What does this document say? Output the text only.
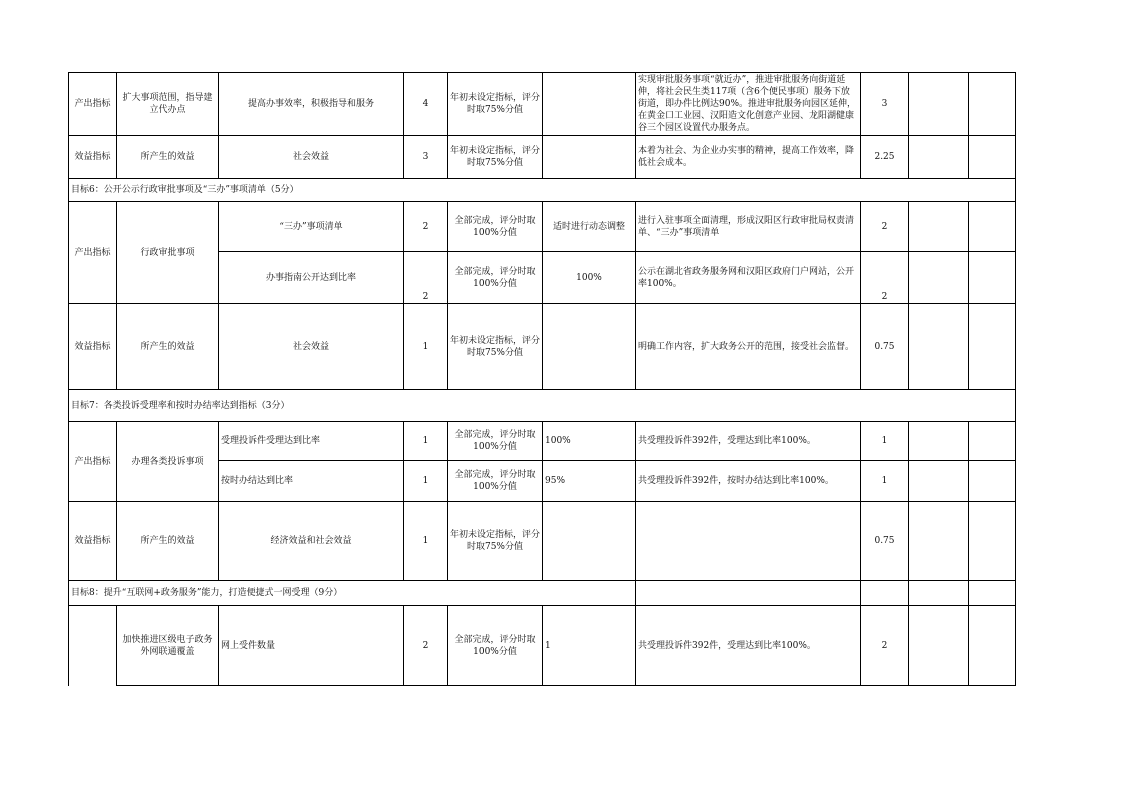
产出指标	扩大事项范围，指导建立代办点	提高办事效率，积极指导和服务	4	年初未设定指标，评分时取75%分值		实现审批服务事项“就近办”，推进审批服务向街道延伸，将社会民生类117项（含6个便民事项）服务下放街道，即办件比例达90%。推进审批服务向园区延伸，在黄金口工业园、汉阳造文化创意产业园、龙阳湖健康谷三个园区设置代办服务点。	3		
效益指标	所产生的效益	社会效益	3	年初未设定指标，评分时取75%分值		本着为社会、为企业办实事的精神，提高工作效率，降低社会成本。	2.25		
目标6：公开公示行政审批事项及“三办”事项清单（5分）									
产出指标	行政审批事项	“三办”事项清单	2	全部完成，评分时取100%分值	适时进行动态调整	进行入驻事项全面清理，形成汉阳区行政审批局权责清单、“三办”事项清单	2		
		办事指南公开达到比率	2	全部完成，评分时取100%分值	100%	公示在湖北省政务服务网和汉阳区政府门户网站，公开率100%。	2		
效益指标	所产生的效益	社会效益	1	年初未设定指标，评分时取75%分值		明确工作内容，扩大政务公开的范围，接受社会监督。	0.75		
目标7：各类投诉受理率和按时办结率达到指标（3分）									
产出指标	办理各类投诉事项	受理投诉件受理达到比率	1	全部完成，评分时取100%分值	100%	共受理投诉件392件，受理达到比率100%。	1		
		按时办结达到比率	1	全部完成，评分时取100%分值	95%	共受理投诉件392件，按时办结达到比率100%。	1		
效益指标	所产生的效益	经济效益和社会效益	1	年初未设定指标，评分时取75%分值			0.75		
目标8：提升“互联网+政务服务”能力，打造便捷式一网受理（9分）									
	加快推进区级电子政务外网联通覆盖	网上受件数量	2	全部完成，评分时取100%分值	1	共受理投诉件392件，受理达到比率100%。	2		
